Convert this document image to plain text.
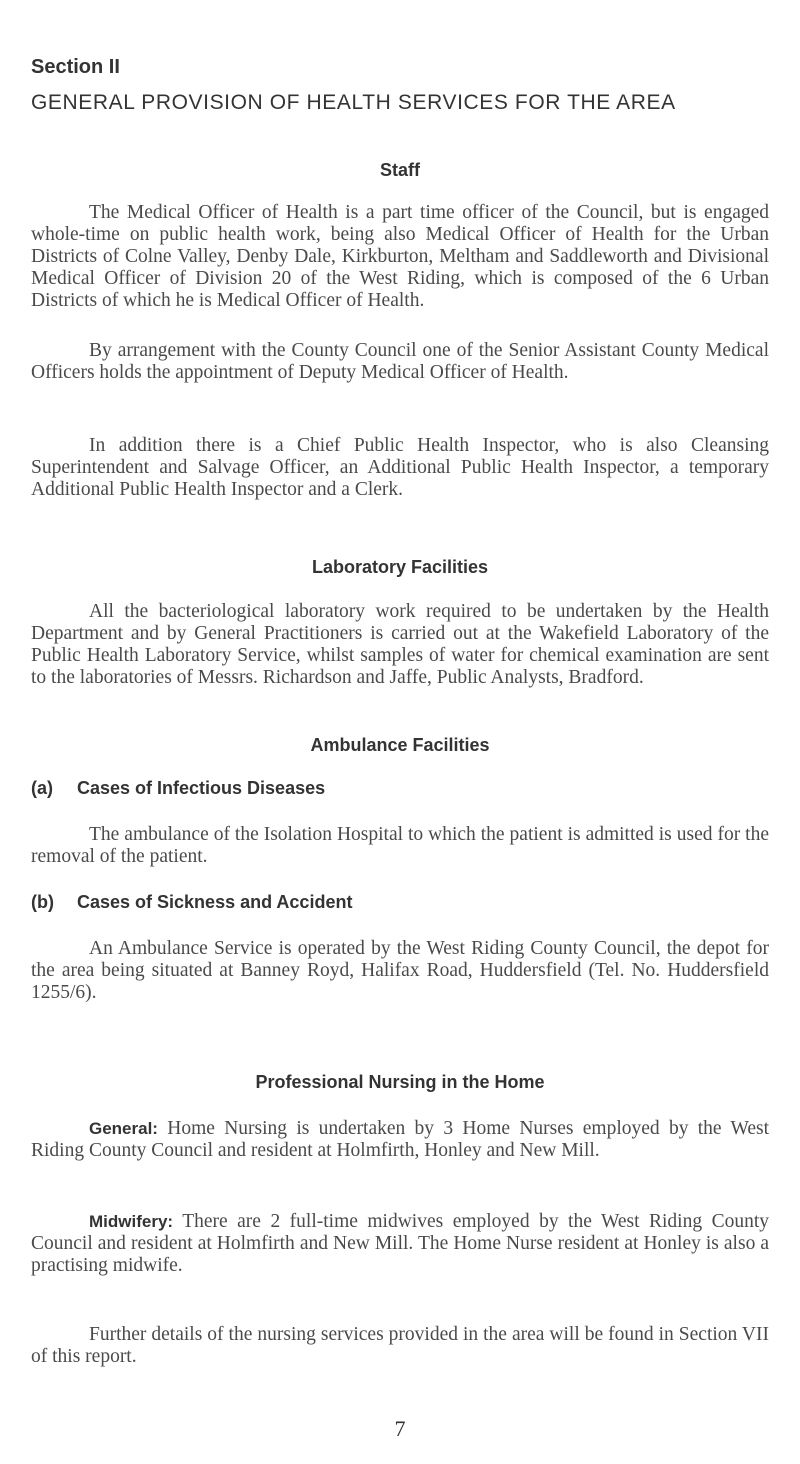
Section II
GENERAL PROVISION OF HEALTH SERVICES FOR THE AREA
Staff

The Medical Officer of Health is a part time officer of the Council, but is engaged whole-time on public health work, being also Medical Officer of Health for the Urban Districts of Colne Valley, Denby Dale, Kirkburton, Meltham and Saddleworth and Divisional Medical Officer of Division 20 of the West Riding, which is composed of the 6 Urban Districts of which he is Medical Officer of Health.

By arrangement with the County Council one of the Senior Assistant County Medical Officers holds the appointment of Deputy Medical Officer of Health.

In addition there is a Chief Public Health Inspector, who is also Cleansing Superintendent and Salvage Officer, an Additional Public Health Inspector, a temporary Additional Public Health Inspector and a Clerk.

Laboratory Facilities

All the bacteriological laboratory work required to be undertaken by the Health Department and by General Practitioners is carried out at the Wakefield Laboratory of the Public Health Laboratory Service, whilst samples of water for chemical examination are sent to the laboratories of Messrs. Richardson and Jaffe, Public Analysts, Bradford.

Ambulance Facilities
(a) Cases of Infectious Diseases

The ambulance of the Isolation Hospital to which the patient is admitted is used for the removal of the patient.

(b) Cases of Sickness and Accident

An Ambulance Service is operated by the West Riding County Council, the depot for the area being situated at Banney Royd, Halifax Road, Huddersfield (Tel. No. Huddersfield 1255/6).

Professional Nursing in the Home

General: Home Nursing is undertaken by 3 Home Nurses employed by the West Riding County Council and resident at Holmfirth, Honley and New Mill.

Midwifery: There are 2 full-time midwives employed by the West Riding County Council and resident at Holmfirth and New Mill. The Home Nurse resident at Honley is also a practising midwife.

Further details of the nursing services provided in the area will be found in Section VII of this report.

7
